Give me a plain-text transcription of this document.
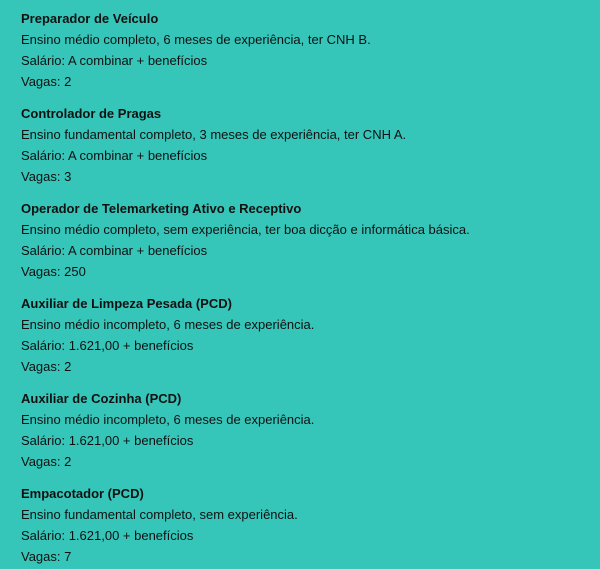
Preparador de Veículo
Ensino médio completo, 6 meses de experiência, ter CNH B.
Salário: A combinar + benefícios
Vagas: 2
Controlador de Pragas
Ensino fundamental completo, 3 meses de experiência, ter CNH A.
Salário: A combinar + benefícios
Vagas: 3
Operador de Telemarketing Ativo e Receptivo
Ensino médio completo, sem experiência, ter boa dicção e informática básica.
Salário: A combinar + benefícios
Vagas: 250
Auxiliar de Limpeza Pesada (PCD)
Ensino médio incompleto, 6 meses de experiência.
Salário: 1.621,00 + benefícios
Vagas: 2
Auxiliar de Cozinha (PCD)
Ensino médio incompleto, 6 meses de experiência.
Salário: 1.621,00 + benefícios
Vagas: 2
Empacotador (PCD)
Ensino fundamental completo, sem experiência.
Salário: 1.621,00 + benefícios
Vagas: 7
